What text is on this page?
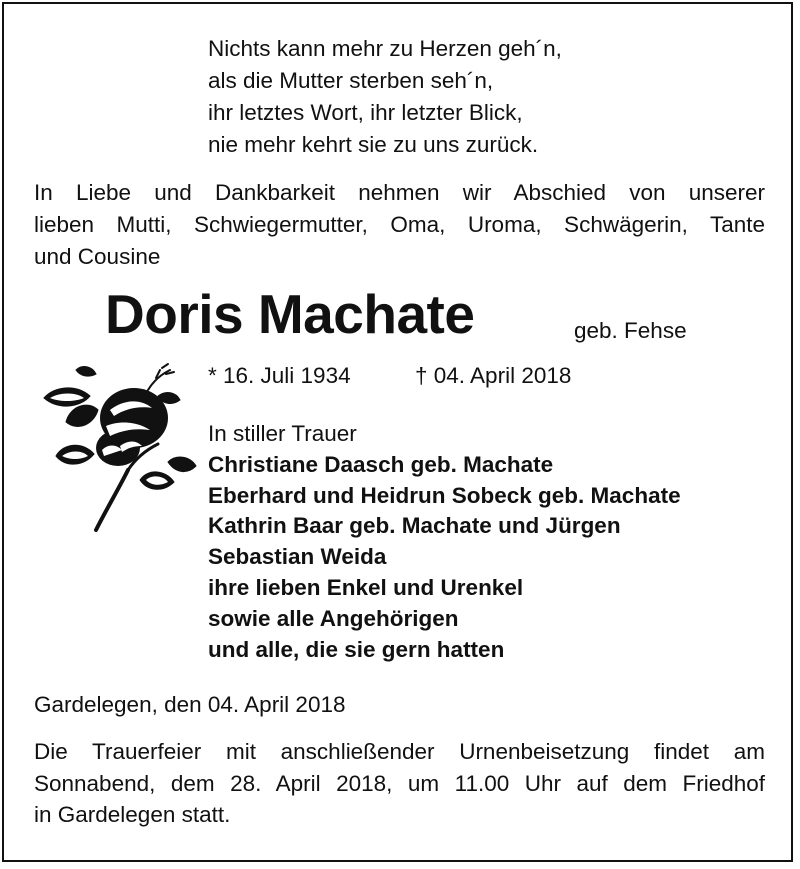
Nichts kann mehr zu Herzen geh´n,
als die Mutter sterben seh´n,
ihr letztes Wort, ihr letzter Blick,
nie mehr kehrt sie zu uns zurück.
In Liebe und Dankbarkeit nehmen wir Abschied von unserer
lieben Mutti, Schwiegermutter, Oma, Uroma, Schwägerin, Tante
und Cousine
Doris Machate	geb. Fehse
* 16. Juli 1934	† 04. April 2018
In stiller Trauer
Christiane Daasch geb. Machate
Eberhard und Heidrun Sobeck geb. Machate
Kathrin Baar geb. Machate und Jürgen
Sebastian Weida
ihre lieben Enkel und Urenkel
sowie alle Angehörigen
und alle, die sie gern hatten
Gardelegen, den 04. April 2018
Die Trauerfeier mit anschließender Urnenbeisetzung findet am
Sonnabend, dem 28. April 2018, um 11.00 Uhr auf dem Friedhof
in Gardelegen statt.
